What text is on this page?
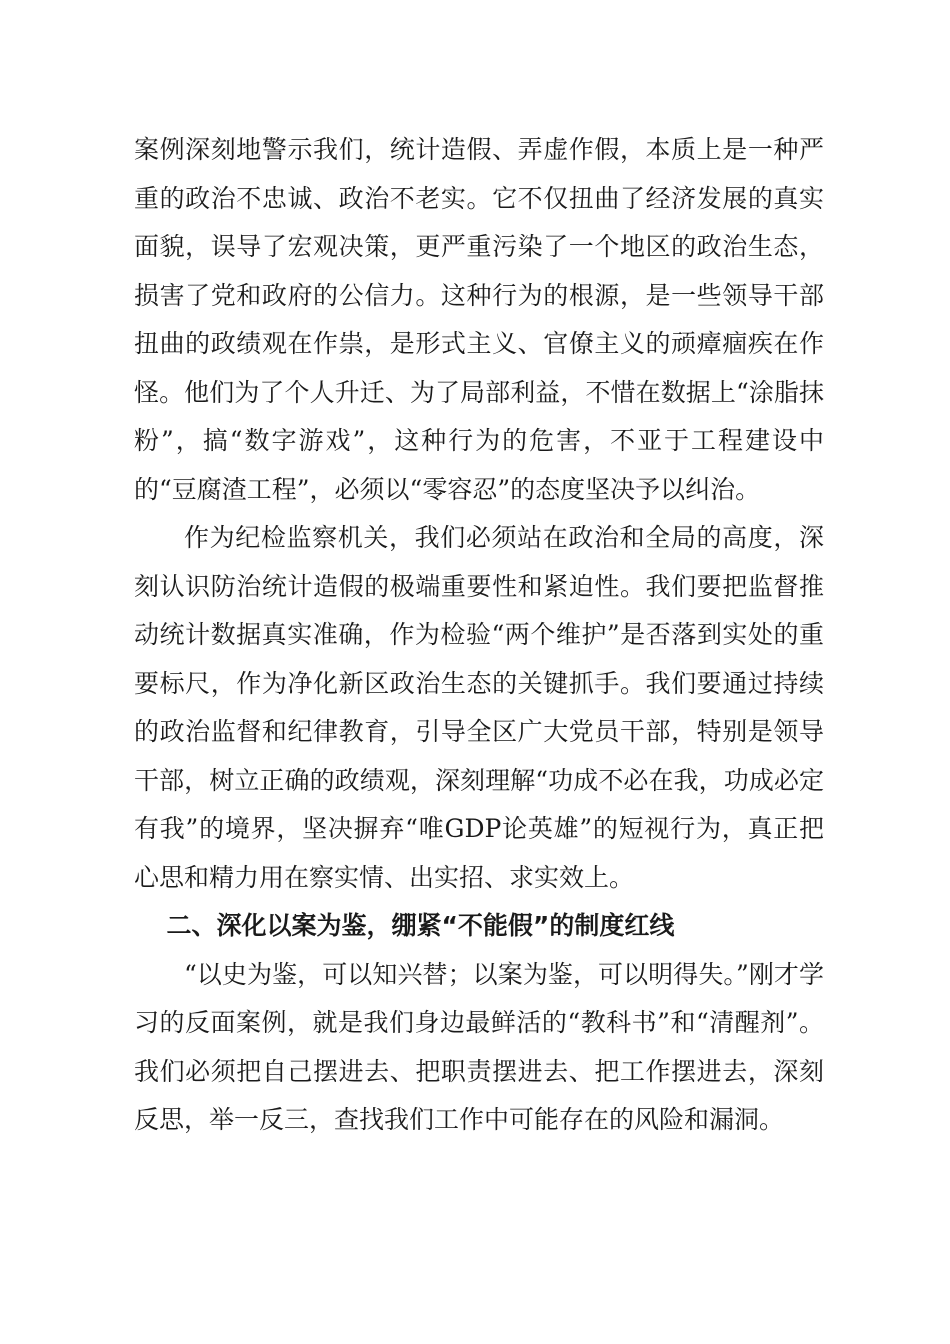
案例深刻地警示我们，统计造假、弄虚作假，本质上是一种严重的政治不忠诚、政治不老实。它不仅扭曲了经济发展的真实面貌，误导了宏观决策，更严重污染了一个地区的政治生态，损害了党和政府的公信力。这种行为的根源，是一些领导干部扭曲的政绩观在作祟，是形式主义、官僚主义的顽瘴痼疾在作怪。他们为了个人升迁、为了局部利益，不惜在数据上“涂脂抹粉”，搞“数字游戏”，这种行为的危害，不亚于工程建设中的“豆腐渣工程”，必须以“零容忍”的态度坚决予以纠治。

作为纪检监察机关，我们必须站在政治和全局的高度，深刻认识防治统计造假的极端重要性和紧迫性。我们要把监督推动统计数据真实准确，作为检验“两个维护”是否落到实处的重要标尺，作为净化新区政治生态的关键抓手。我们要通过持续的政治监督和纪律教育，引导全区广大党员干部，特别是领导干部，树立正确的政绩观，深刻理解“功成不必在我，功成必定有我”的境界，坚决摒弃“唯GDP论英雄”的短视行为，真正把心思和精力用在察实情、出实招、求实效上。

二、深化以案为鉴，绷紧“不能假”的制度红线

“以史为鉴，可以知兴替；以案为鉴，可以明得失。”刚才学习的反面案例，就是我们身边最鲜活的“教科书”和“清醒剂”。我们必须把自己摆进去、把职责摆进去、把工作摆进去，深刻反思，举一反三，查找我们工作中可能存在的风险和漏洞。
